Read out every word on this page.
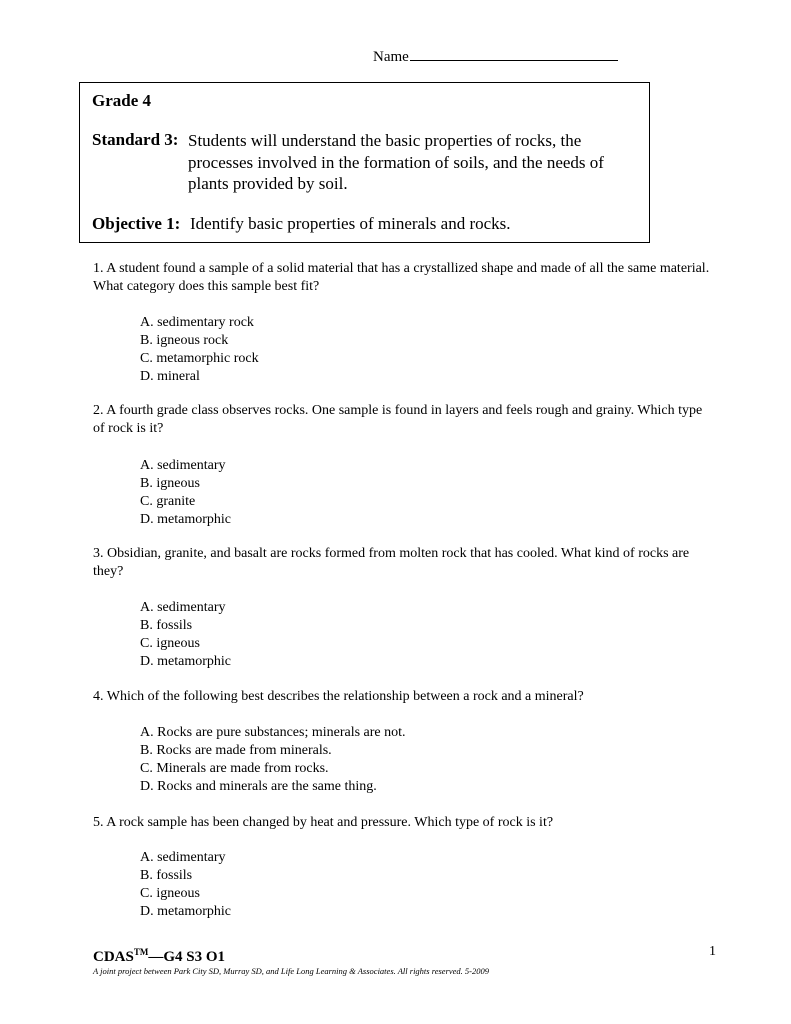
Name
Grade 4
Standard 3: Students will understand the basic properties of rocks, the processes involved in the formation of soils, and the needs of plants provided by soil.
Objective 1: Identify basic properties of minerals and rocks.
1. A student found a sample of a solid material that has a crystallized shape and made of all the same material. What category does this sample best fit?
A. sedimentary rock
B. igneous rock
C. metamorphic rock
D. mineral
2. A fourth grade class observes rocks. One sample is found in layers and feels rough and grainy. Which type of rock is it?
A. sedimentary
B. igneous
C. granite
D. metamorphic
3. Obsidian, granite, and basalt are rocks formed from molten rock that has cooled. What kind of rocks are they?
A. sedimentary
B. fossils
C. igneous
D. metamorphic
4. Which of the following best describes the relationship between a rock and a mineral?
A. Rocks are pure substances; minerals are not.
B. Rocks are made from minerals.
C. Minerals are made from rocks.
D. Rocks and minerals are the same thing.
5. A rock sample has been changed by heat and pressure. Which type of rock is it?
A. sedimentary
B. fossils
C. igneous
D. metamorphic
CDAS™—G4 S3 O1
A joint project between Park City SD, Murray SD, and Life Long Learning & Associates. All rights reserved. 5-2009
1
